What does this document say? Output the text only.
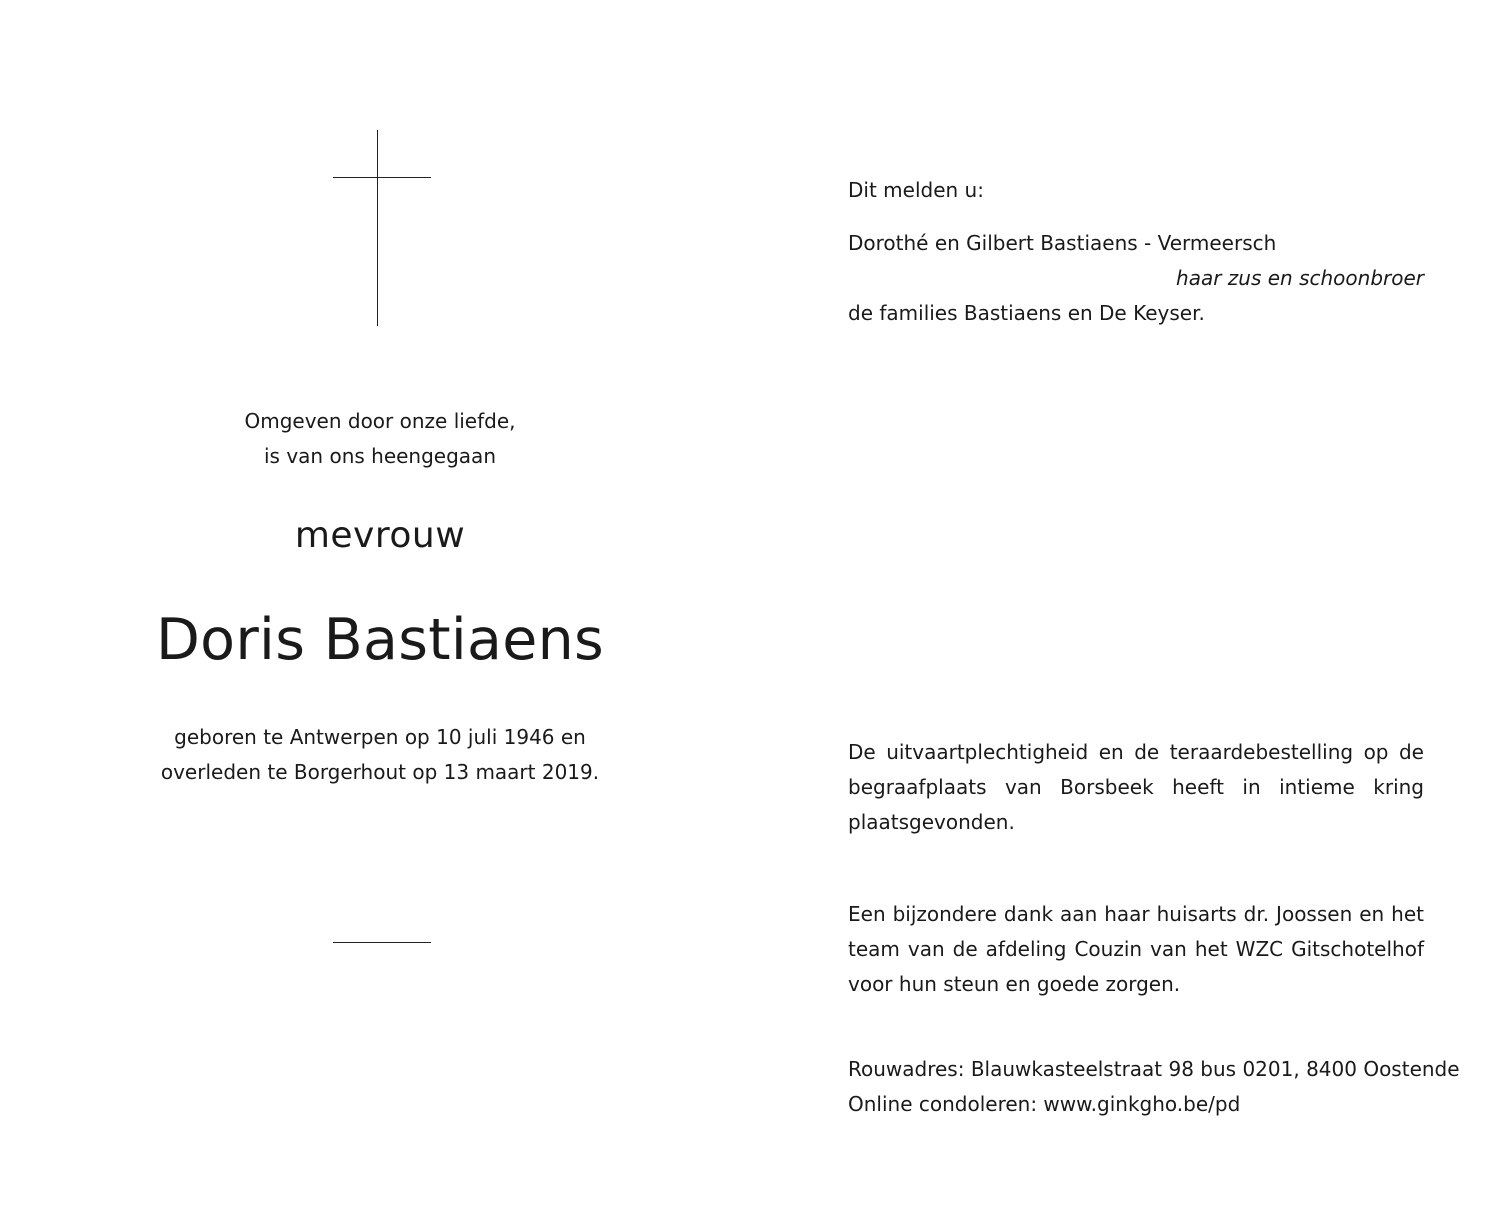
Omgeven door onze liefde,
is van ons heengegaan
mevrouw
Doris Bastiaens
geboren te Antwerpen op 10 juli 1946 en
overleden te Borgerhout op 13 maart 2019.
Dit melden u:
Dorothé en Gilbert Bastiaens - Vermeersch
haar zus en schoonbroer
de families Bastiaens en De Keyser.
De uitvaartplechtigheid en de teraardebestelling op de begraafplaats van Borsbeek heeft in intieme kring plaatsgevonden.
Een bijzondere dank aan haar huisarts dr. Joossen en het team van de afdeling Couzin van het WZC Gitschotelhof voor hun steun en goede zorgen.
Rouwadres: Blauwkasteelstraat 98 bus 0201, 8400 Oostende
Online condoleren: www.ginkgho.be/pd
